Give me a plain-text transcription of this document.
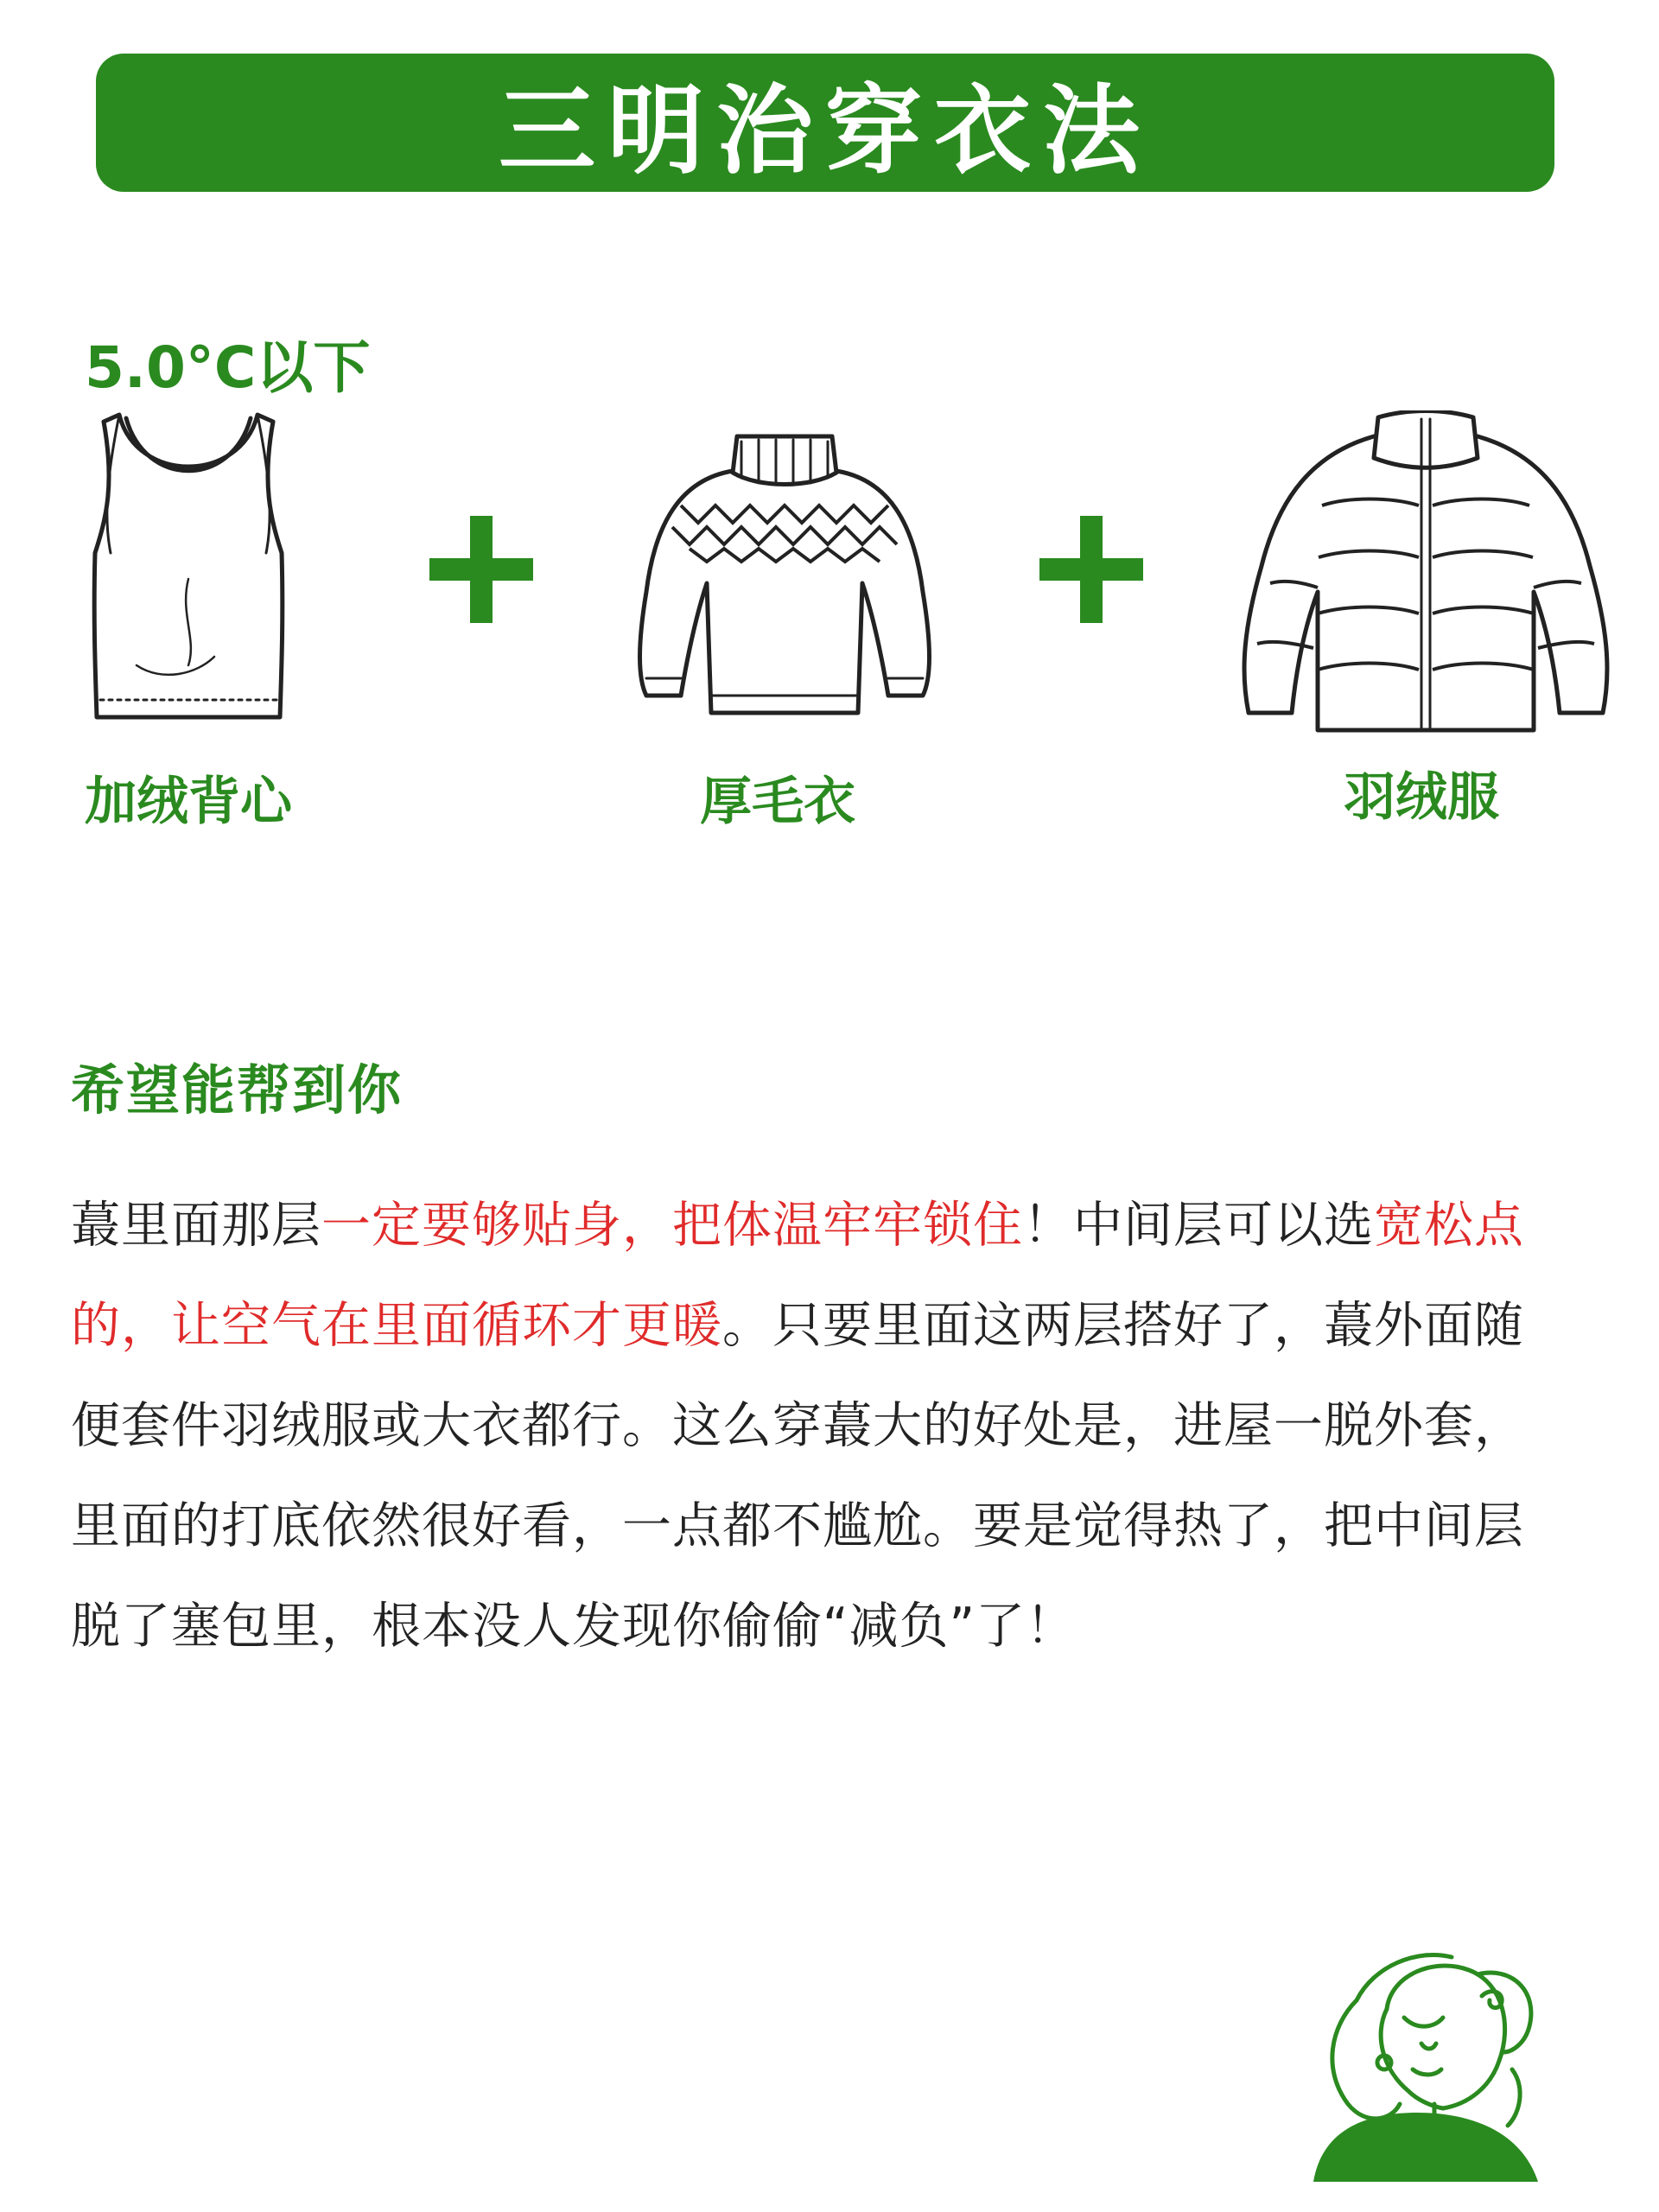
三明治穿衣法
5.0°C以下
加绒背心	厚毛衣	羽绒服
希望能帮到你
蕞里面那层一定要够贴身，把体温牢牢锁住！中间层可以选宽松点的，让空气在里面循环才更暖。只要里面这两层搭好了，蕞外面随便套件羽绒服或大衣都行。这么穿蕞大的好处是，进屋一脱外套，里面的打底依然很好看，一点都不尴尬。要是觉得热了，把中间层脱了塞包里，根本没人发现你偷偷“减负”了！
